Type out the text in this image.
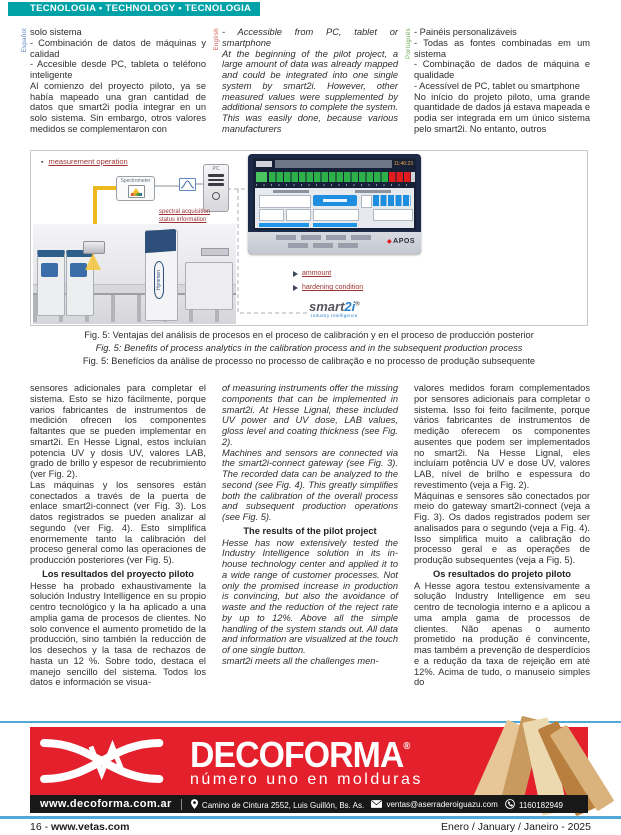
TECNOLOGIA • TECHNOLOGY • TECNOLOGIA
Español solo sistema

- Combinación de datos de máquinas y calidad

- Accesible desde PC, tableta o teléfono inteligente

Al comienzo del proyecto piloto, ya se había mapeado una gran cantidad de datos que smart2i podía integrar en un solo sistema. Sin embargo, otros valores medidos se complementaron con

English - Accessible from PC, tablet or smartphone

At the beginning of the pilot project, a large amount of data was already mapped and could be integrated into one single system by smart2i. However, other measured values were supplemented by additional sensors to complete the system. This was easily done, because various manufacturers

Português - Painéis personalizáveis

- Todas as fontes combinadas em um sistema

- Combinação de dados de máquina e qualidade

- Acessível de PC, tablet ou smartphone

No início do projeto piloto, uma grande quantidade de dados já estava mapeada e podia ser integrada em um único sistema pelo smart2i. No entanto, outros

▪ measurement operation
Hymmen
Spectrometer
PC
spectral acquisition
status information
11:46:23
◆APOS
ammount
hardening condition
smart2i®
Industry Intelligence

Fig. 5: Ventajas del análisis de procesos en el proceso de calibración y en el proceso de producción posterior

Fig. 5: Benefits of process analytics in the calibration process and in the subsequent production process

Fig. 5: Benefícios da análise de processo no processo de calibração e no processo de produção subsequente

sensores adicionales para completar el sistema. Esto se hizo fácilmente, porque varios fabricantes de instrumentos de medición ofrecen los componentes faltantes que se pueden implementar en smart2i. En Hesse Lignal, estos incluían potencia UV y dosis UV, valores LAB, grado de brillo y espesor de recubrimiento (ver Fig. 2).

Las máquinas y los sensores están conectados a través de la puerta de enlace smart2i-connect (ver Fig. 3). Los datos registrados se pueden analizar al segundo (ver Fig. 4). Esto simplifica enormemente tanto la calibración del proceso general como las operaciones de producción posteriores (ver Fig. 5).

Los resultados del proyecto piloto

Hesse ha probado exhaustivamente la solución Industry Intelligence en su propio centro tecnológico y la ha aplicado a una amplia gama de procesos de clientes. No solo convence el aumento prometido de la producción, sino también la reducción de los desechos y la tasa de rechazos de hasta un 12 %. Sobre todo, destaca el manejo sencillo del sistema. Todos los datos e información se visua-

of measuring instruments offer the missing components that can be implemented in smart2i. At Hesse Lignal, these included UV power and UV dose, LAB values, gloss level and coating thickness (see Fig. 2).

Machines and sensors are connected via the smart2i-connect gateway (see Fig. 3). The recorded data can be analyzed to the second (see Fig. 4). This greatly simplifies both the calibration of the overall process and subsequent production operations (see Fig. 5).

The results of the pilot project

Hesse has now extensively tested the Industry Intelligence solution in its in-house technology center and applied it to a wide range of customer processes. Not only the promised increase in production is convincing, but also the avoidance of waste and the reduction of the reject rate by up to 12%. Above all the simple handling of the system stands out. All data and information are visualized at the touch of one single button.

smart2i meets all the challenges men-

valores medidos foram complementados por sensores adicionais para completar o sistema. Isso foi feito facilmente, porque vários fabricantes de instrumentos de medição oferecem os componentes ausentes que podem ser implementados no smart2i. Na Hesse Lignal, eles incluíam potência UV e dose UV, valores LAB, nível de brilho e espessura do revestimento (veja a Fig. 2).

Máquinas e sensores são conectados por meio do gateway smart2i-connect (veja a Fig. 3). Os dados registrados podem ser analisados para o segundo (veja a Fig. 4). Isso simplifica muito a calibração do processo geral e as operações de produção subsequentes (veja a Fig. 5).

Os resultados do projeto piloto

A Hesse agora testou extensivamente a solução Industry Intelligence em seu centro de tecnologia interno e a aplicou a uma ampla gama de processos de clientes. Não apenas o aumento prometido na produção é convincente, mas também a prevenção de desperdícios e a redução da taxa de rejeição em até 12%. Acima de tudo, o manuseio simples do

DECOFORMA®
número uno en molduras
www.decoforma.com.ar	Camino de Cintura 2552, Luis Guillón, Bs. As.	ventas@aserraderoiguazu.com	1160182949
16 - www.vetas.com	Enero / January / Janeiro - 2025
